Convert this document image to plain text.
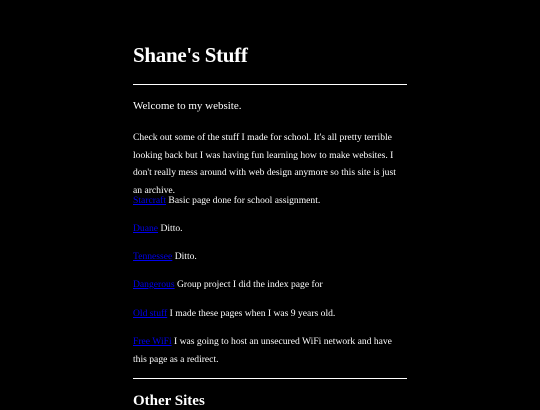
Shane's Stuff
Welcome to my website.

Check out some of the stuff I made for school. It's all pretty terrible looking back but I was having fun learning how to make websites. I don't really mess around with web design anymore so this site is just an archive.

Starcraft Basic page done for school assignment.

Duane Ditto.

Tennessee Ditto.

Dangerous Group project I did the index page for

Old stuff I made these pages when I was 9 years old.

Free WiFi I was going to host an unsecured WiFi network and have this page as a redirect.

Other Sites
